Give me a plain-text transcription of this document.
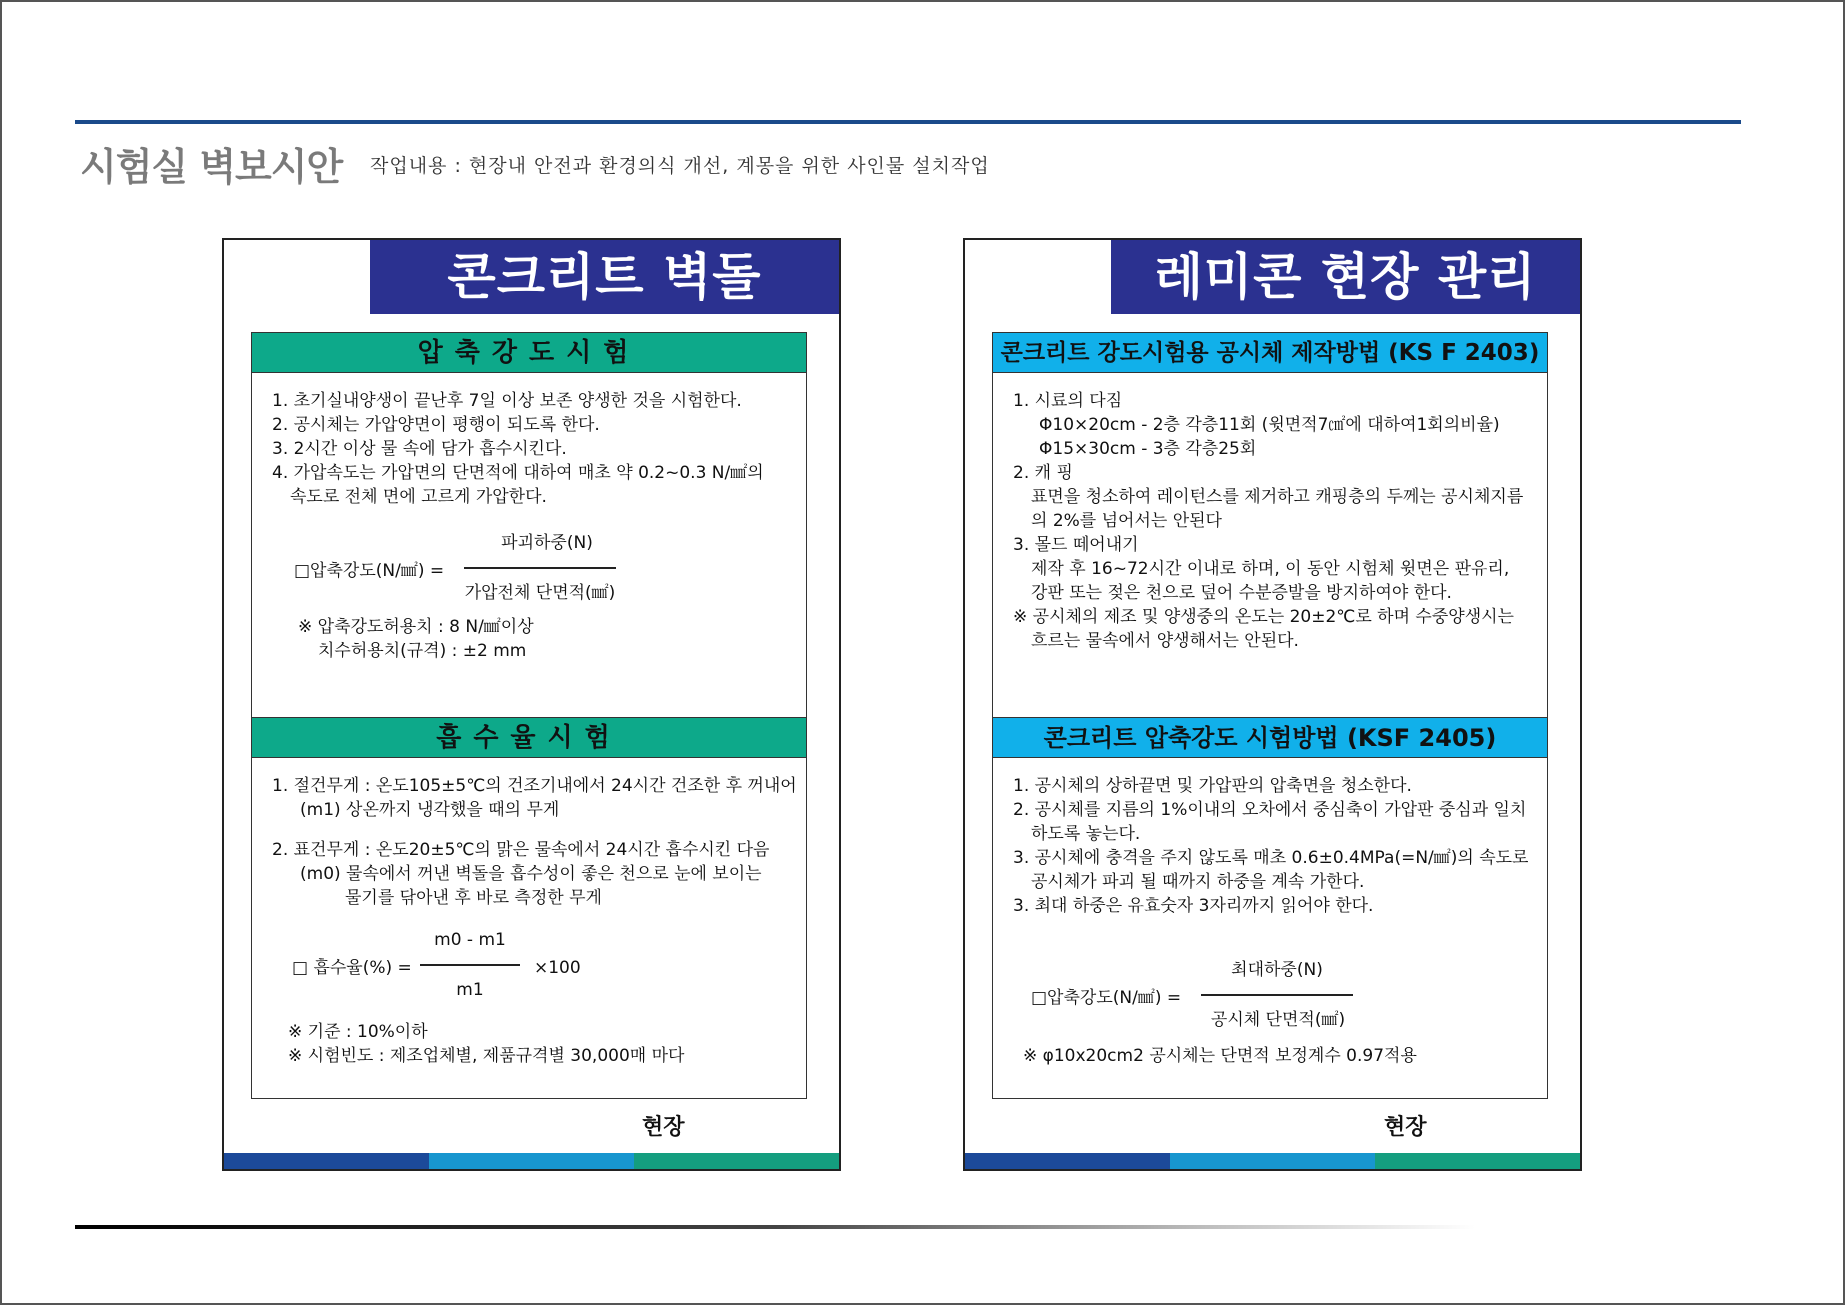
시험실 벽보시안 작업내용 : 현장내 안전과 환경의식 개선, 계몽을 위한 사인물 설치작업
콘크리트 벽돌
압축강도시험

1. 초기실내양생이 끝난후 7일 이상 보존 양생한 것을 시험한다.

2. 공시체는 가압양면이 평행이 되도록 한다.

3. 2시간 이상 물 속에 담가 흡수시킨다.

4. 가압속도는 가압면의 단면적에 대하여 매초 약 0.2~0.3 N/㎟의

속도로 전체 면에 고르게 가압한다.

□압축강도(N/㎟) =
파괴하중(N)
가압전체 단면적(㎟)

※ 압축강도허용치 : 8 N/㎟이상

치수허용치(규격) : ±2 mm

흡수율시험

1. 절건무게 : 온도105±5℃의 건조기내에서 24시간 건조한 후 꺼내어

(m1) 상온까지 냉각했을 때의 무게

2. 표건무게 : 온도20±5℃의 맑은 물속에서 24시간 흡수시킨 다음

(m0) 물속에서 꺼낸 벽돌을 흡수성이 좋은 천으로 눈에 보이는

물기를 닦아낸 후 바로 측정한 무게

□ 흡수율(%) =
m0 - m1
m1
×100

※ 기준 : 10%이하

※ 시험빈도 : 제조업체별, 제품규격별 30,000매 마다

현장
레미콘 현장 관리
콘크리트 강도시험용 공시체 제작방법 (KS F 2403)

1. 시료의 다짐

Φ10×20cm - 2층 각층11회 (윗면적7㎠에 대하여1회의비율)

Φ15×30cm - 3층 각층25회

2. 캐 핑

표면을 청소하여 레이턴스를 제거하고 캐핑층의 두께는 공시체지름

의 2%를 넘어서는 안된다

3. 몰드 떼어내기

제작 후 16~72시간 이내로 하며, 이 동안 시험체 윗면은 판유리,

강판 또는 젖은 천으로 덮어 수분증발을 방지하여야 한다.

※ 공시체의 제조 및 양생중의 온도는 20±2℃로 하며 수중양생시는

흐르는 물속에서 양생해서는 안된다.

콘크리트 압축강도 시험방법 (KSF 2405)

1. 공시체의 상하끝면 및 가압판의 압축면을 청소한다.

2. 공시체를 지름의 1%이내의 오차에서 중심축이 가압판 중심과 일치

하도록 놓는다.

3. 공시체에 충격을 주지 않도록 매초 0.6±0.4MPa(=N/㎟)의 속도로

공시체가 파괴 될 때까지 하중을 계속 가한다.

3. 최대 하중은 유효숫자 3자리까지 읽어야 한다.

□압축강도(N/㎟) =
최대하중(N)
공시체 단면적(㎟)

※ φ10x20cm2 공시체는 단면적 보정계수 0.97적용

현장
